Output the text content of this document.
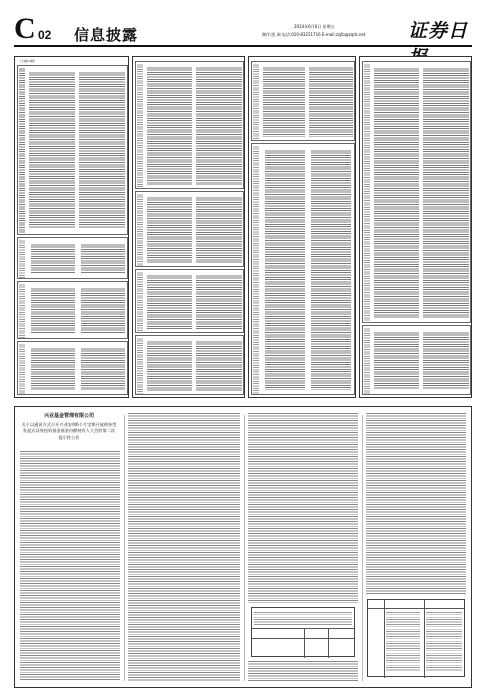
C 02 信息披露	2024年6月6日 星期五
制作:凯 瑞 电话:010-83251716 E-mail:zzjlb@zqrb.net 证券日
（上接C1版）
兴业基金管理有限公司
关于以通讯方式召开兴业安和6个月定期开放债券型发起式证券投资基金基金份额持有人大会的第二次提示性公告
